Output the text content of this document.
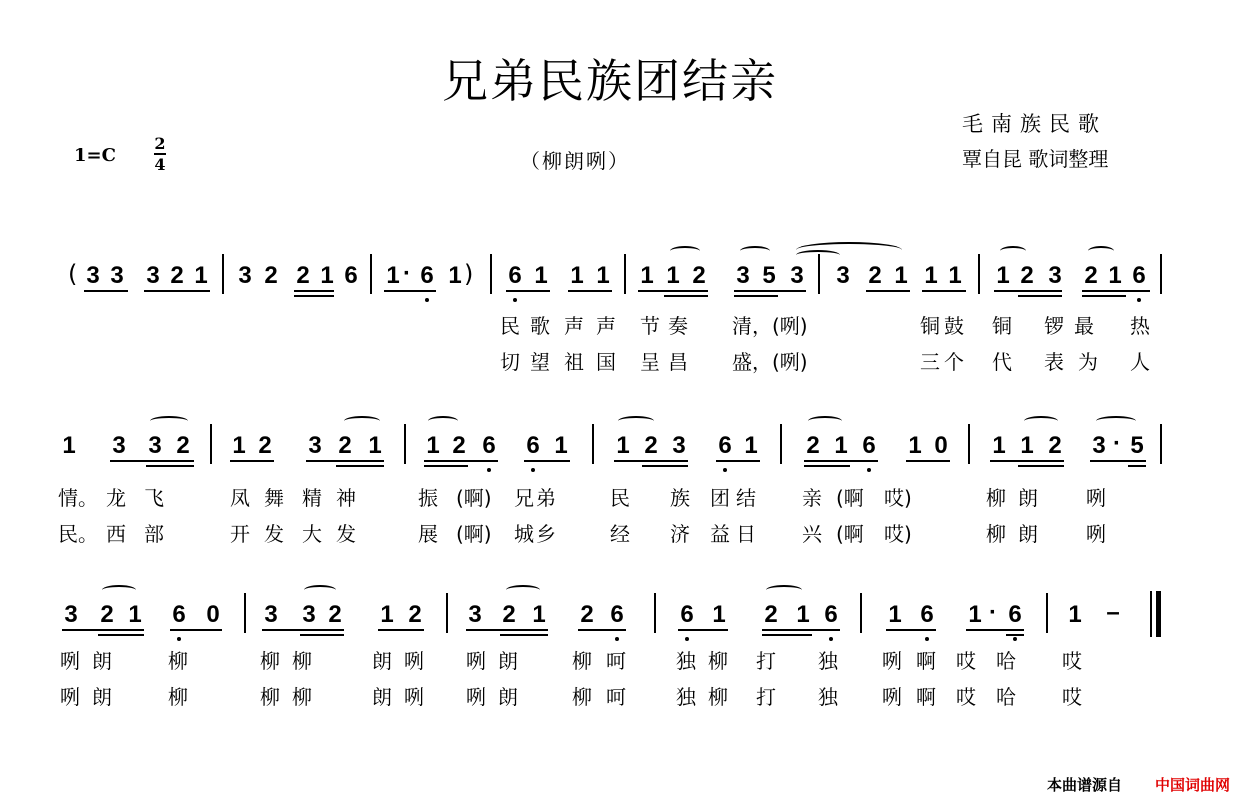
兄弟民族团结亲
毛南族民歌
覃自昆 歌词整理
1=C
2
4	（柳朗咧）
( 3 3 3 2 1 3 2 2 1 6 1 · 6 1 ) 6 1 1 1 1 1 2 3 5 3 3 2 1 1 1 1 2 3 2 1 6
民 歌 声 声 节 奏 清，(咧)	铜 鼓 铜 锣 最 热
切 望 祖 国 呈 昌 盛，(咧)	三 个 代 表 为 人
1 3 3 2 1 2 3 2 1 1 2 6 6 1 1 2 3 6 1 2 1 6 1 0 1 1 2 3 · 5
情。 龙 飞	凤 舞 精 神	振 (啊) 兄 弟	民 族 团 结 亲 (啊 哎)	柳 朗 咧
民。 西 部	开 发 大 发	展 (啊) 城 乡	经 济 益 日 兴 (啊 哎)	柳 朗 咧
3 2 1 6 0 3 3 2 1 2 3 2 1 2 6 6 1 2 1 6 1 6 1 · 6 1 –
咧 朗	柳	柳 柳	朗 咧 咧 朗	柳 呵	独 柳 打 独 咧 啊 哎 哈 哎
咧 朗	柳	柳 柳	朗 咧 咧 朗	柳 呵	独 柳 打 独 咧 啊 哎 哈 哎
本曲谱源自 中国词曲网
